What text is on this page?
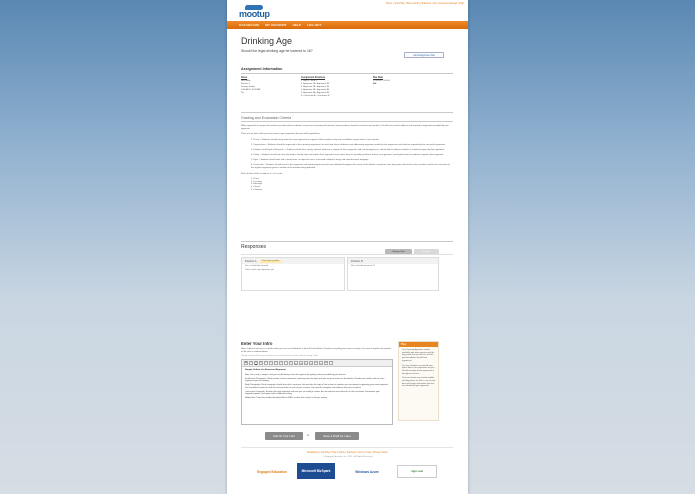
Home | Just Play | How it works | Teachers | Join | Account Settings | Help
mootup
DASHBOARD MY ACCOUNT HELP LOG OUT
Drinking Age
Should the legal drinking age be lowered to 18?
Add Assignment link
Assignment Information
Class
Jack Miller
Section 4
January Friday
9:00 AM to 10:00 AM
7th
Assignment Structure
1. Intro 3 - Intro 4
2. Argument 1A - Argument 1B
3. Argument 2A - Argument 2B
4. Argument 3A - Argument 3B
5. Argument 4A - Argument 4B
6. Conclusion A - Conclusion B
Due Date
12/9/2011 2:00:00
AM
Grading and Evaluation Criteria
While arguments to support the position you took within an debate, using clear reasoning and relevant, strong evidence based on research you perform. You will also need to address and respond to arguments provided by your opponent.
There are six basic skills you must show in your arguments that you will be graded on:
1. Thesis -- Students should clearly state the main arguments in support of their position early and consolidate support them in later rounds.
2. Organization -- Students should be organized in their opening arguments, but also later where students must addressing arguments made by their opponents and continue supporting their own initial arguments.
3. Evidence and Depth of Research -- Students should have strong, relevant evidence in support of their arguments and counterarguments, and be able to address evidence in rebuttal to given by their opponent.
4. Clarity -- Students should use clear phrasing to clearly state and explain their arguments and, where they are providing evidence to back up arguments, and explain how this evidence supports their argument.
5. Style -- Students should write with a formal tone, an objective voice, and avoid colloquial, slang, and unprofessional language.
6. Conclusion -- Students should return to the arguments and counterarguments that were debated throughout the course of the debate, summarize their key points and reinforce their position, and tie the conclusion to the original arguments given in relation to the position being defended.
Each of these skills is rated on a 1 to 5 scale:
1 = Poor
2 = Lacking
3 = Average
4 = Good
5 = Superior
Responses
Side by Side	Timeline
Position A	This is your position
Yes, it should be lowered.
There aren't any responses yet.
Position B
No, it should remain at 21.
Enter Your Intro
Note: It doesn't list Intro in a shade rather you can use Guidelines in Intro fill-in-the-blank: Consider everything your team is writing. Use ease to explain the purpose of the intro as outlined above.
Typing in here will be saved and you can come back to it and continue writing it later.
B	I	U	S	≡	≡	≡	≡	•	1.	⇤	⇥	↶	↷	∞	✂	Ω	?
Sample Outline of a Structured Argument
Note: this is only a sample, and you should always check the against the grading criteria provided by your teacher.
Introduction Paragraph: Clearly restate a thesis statement, meaning state the topic and note out your stance on the debate. Provide your reader with the main arguments you are making.
Body Paragraphs: Each paragraph should start with a sentence that specifies the topic of the reason or evidence you are giving in supporting your main argument. Use transitional sentences with the relevant data on each of your reasons. Use specific examples and evidence from your research.
Conclusion Paragraph: Restate the main argument and note you are taking in review, but not rephrase most from this in the conclusion. Summarize your supporting points, and again make a different ending.
Helpful Hint: Drag the provided formatted files in MSN, unclear, but surely it is all your writing.
Tips
Your Opening Argument should establish your main premise and the key points that you will use to build your foundation to build later arguments.
You can introduce convincible new points later in the arguments but you should transition these arguments in throughout and use.
Your conclusion may restate notable and key points, as well as use of your best and strong information that was not rebutted by your opponent.
Submit Your Intro	or	Save a Draft for Later
Dashboard | Just Play | How it works | Teachers | Terms of Use | Privacy Notice
© Engaged Education, Inc. 2011 - All Rights Reserved
Engaged Education	Microsoft BizSpark	Windows Azure	Apps seal
